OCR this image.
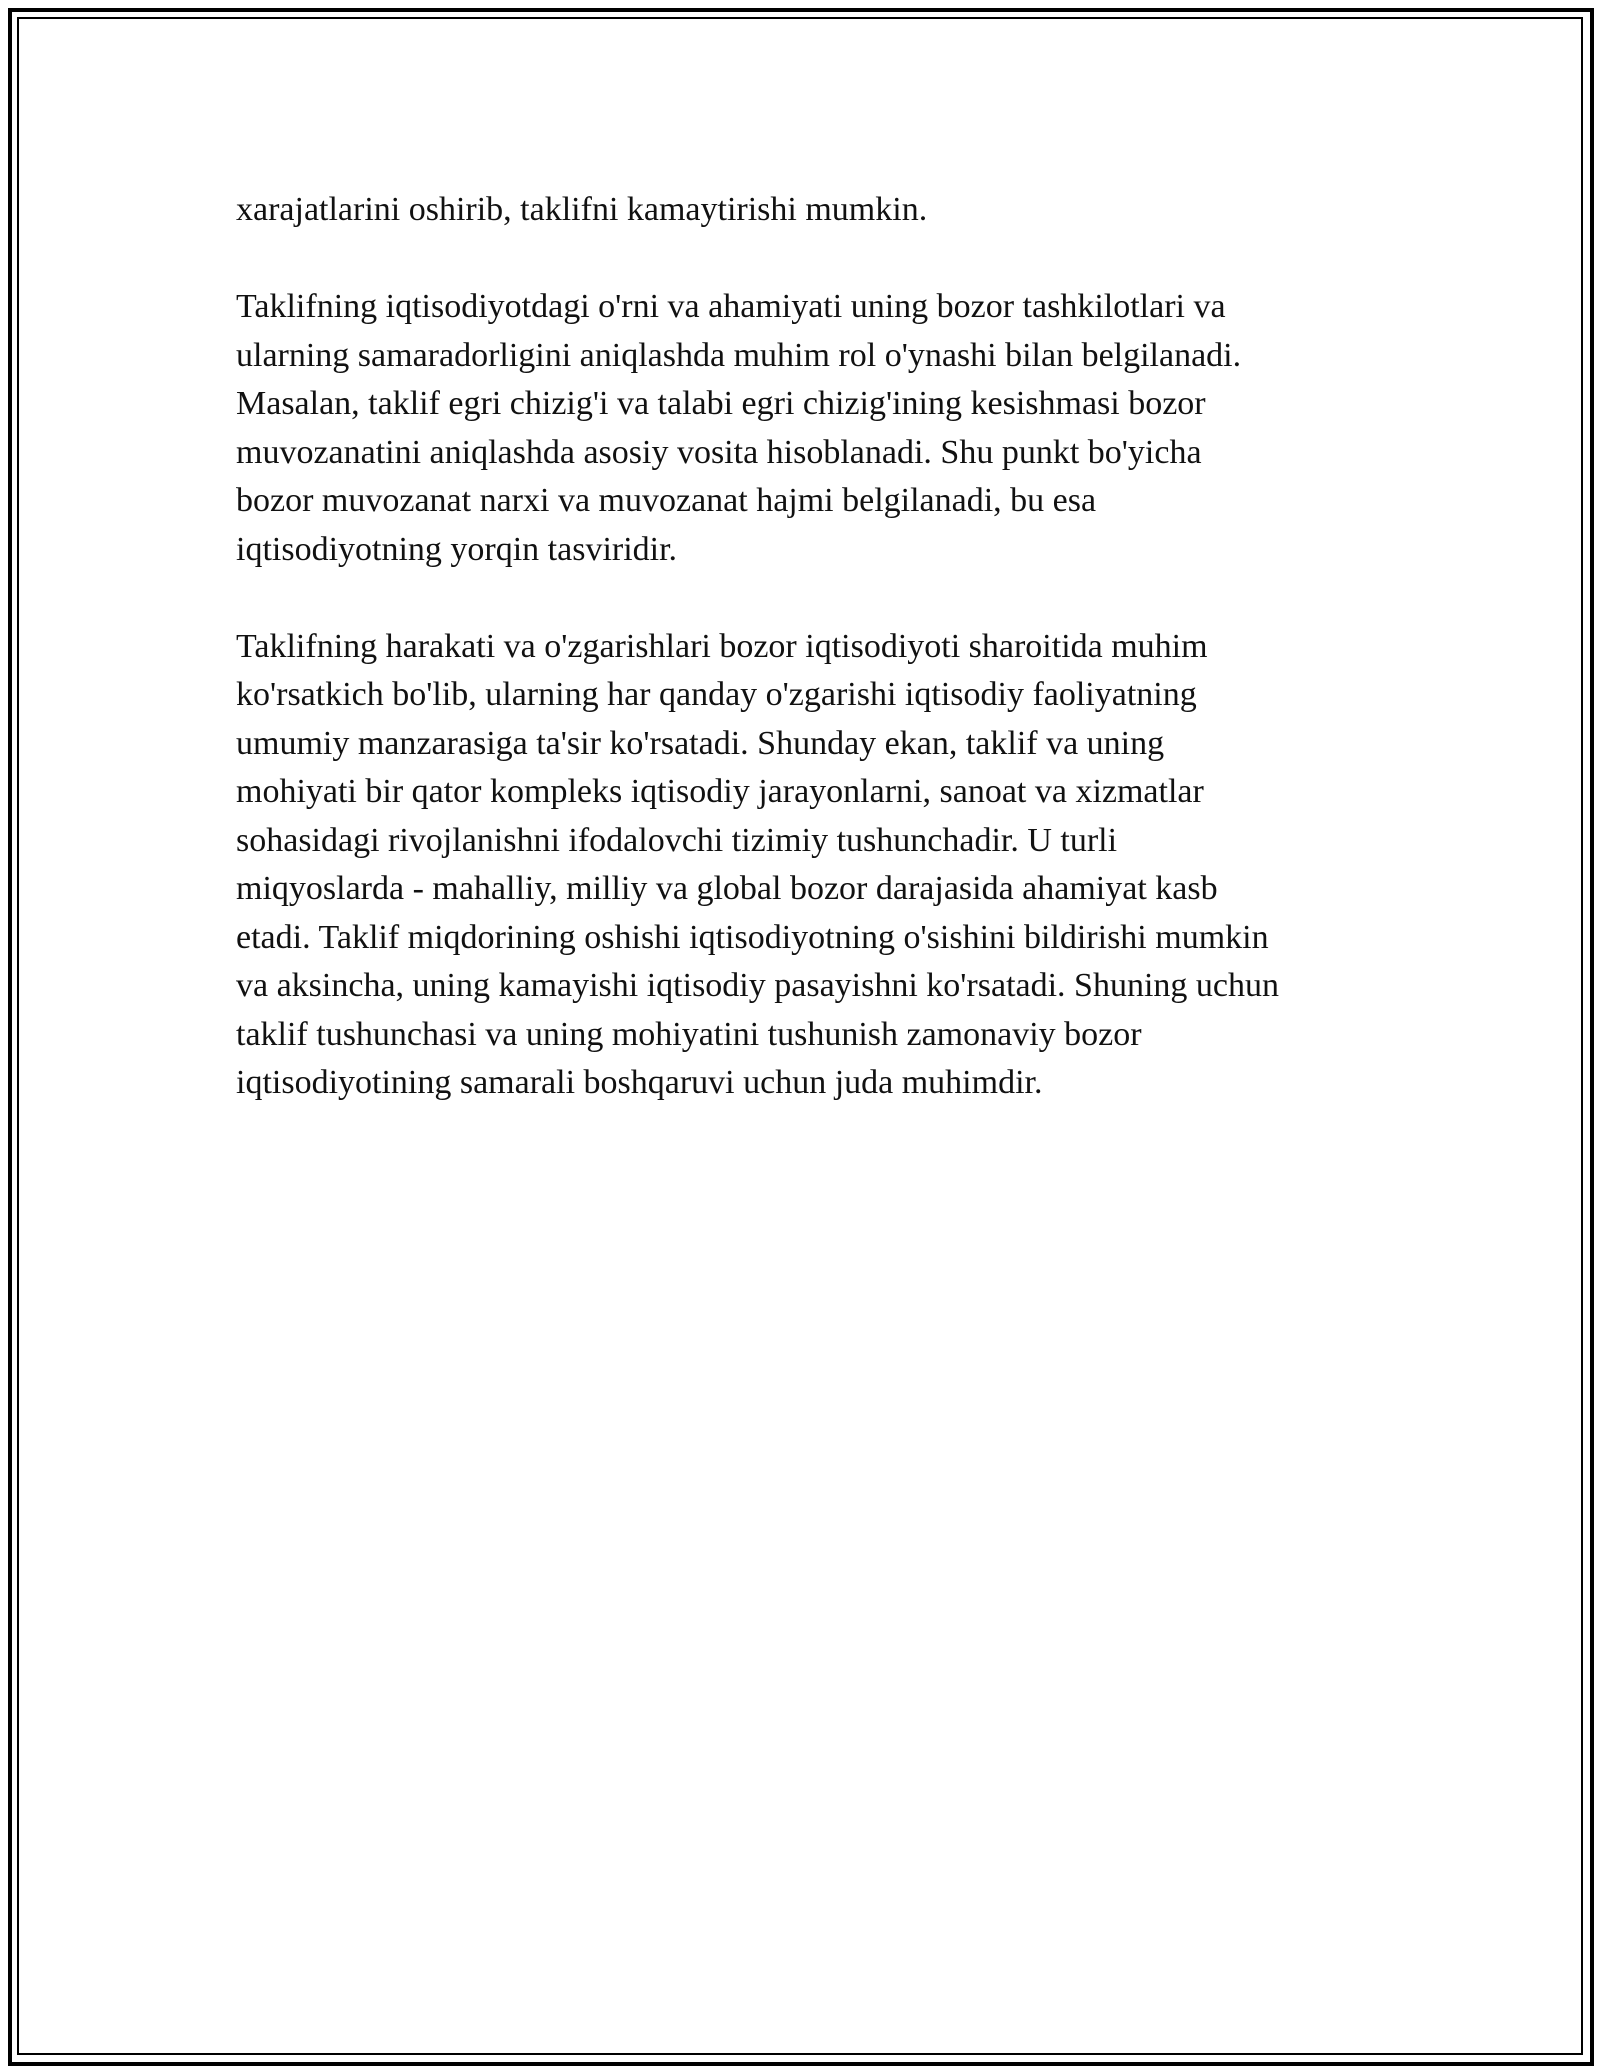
xarajatlarini oshirib, taklifni kamaytirishi mumkin.

Taklifning iqtisodiyotdagi o'rni va ahamiyati uning bozor tashkilotlari va
ularning samaradorligini aniqlashda muhim rol o'ynashi bilan belgilanadi.
Masalan, taklif egri chizig'i va talabi egri chizig'ining kesishmasi bozor
muvozanatini aniqlashda asosiy vosita hisoblanadi. Shu punkt bo'yicha
bozor muvozanat narxi va muvozanat hajmi belgilanadi, bu esa
iqtisodiyotning yorqin tasviridir.

Taklifning harakati va o'zgarishlari bozor iqtisodiyoti sharoitida muhim
ko'rsatkich bo'lib, ularning har qanday o'zgarishi iqtisodiy faoliyatning
umumiy manzarasiga ta'sir ko'rsatadi. Shunday ekan, taklif va uning
mohiyati bir qator kompleks iqtisodiy jarayonlarni, sanoat va xizmatlar
sohasidagi rivojlanishni ifodalovchi tizimiy tushunchadir. U turli
miqyoslarda - mahalliy, milliy va global bozor darajasida ahamiyat kasb
etadi. Taklif miqdorining oshishi iqtisodiyotning o'sishini bildirishi mumkin
va aksincha, uning kamayishi iqtisodiy pasayishni ko'rsatadi. Shuning uchun
taklif tushunchasi va uning mohiyatini tushunish zamonaviy bozor
iqtisodiyotining samarali boshqaruvi uchun juda muhimdir.
